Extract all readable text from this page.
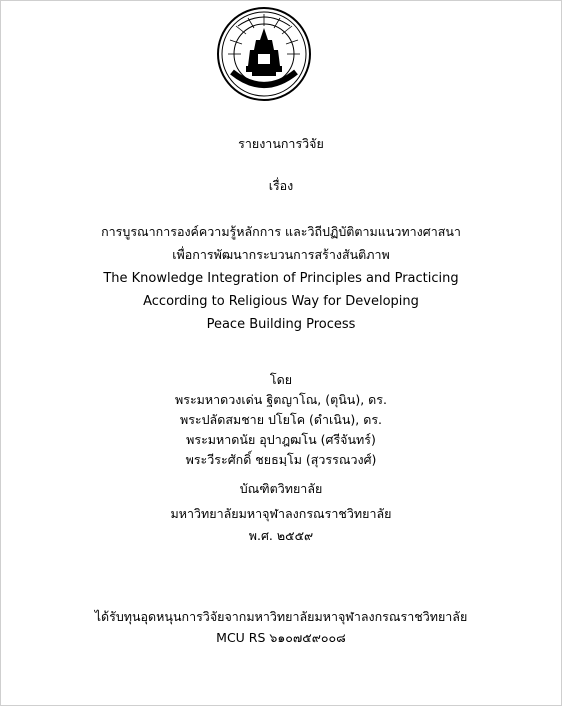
รายงานการวิจัย
เรื่อง
การบูรณาการองค์ความรู้หลักการ และวิถีปฏิบัติตามแนวทางศาสนา
เพื่อการพัฒนากระบวนการสร้างสันติภาพ
The Knowledge Integration of Principles and Practicing
According to Religious Way for Developing
Peace Building Process
โดย
พระมหาดวงเด่น ฐิตญาโณ, (ตุนิน), ดร.
พระปลัดสมชาย ปโยโค (ดำเนิน), ดร.
พระมหาดนัย อุปาฎฒโน (ศรีจันทร์)
พระวีระศักดิ์ ชยธมฺโม (สุวรรณวงศ์)
บัณฑิตวิทยาลัย
มหาวิทยาลัยมหาจุฬาลงกรณราชวิทยาลัย
พ.ศ. ๒๕๕๙
ได้รับทุนอุดหนุนการวิจัยจากมหาวิทยาลัยมหาจุฬาลงกรณราชวิทยาลัย
MCU RS ๖๑๐๗๕๙๐๐๘
